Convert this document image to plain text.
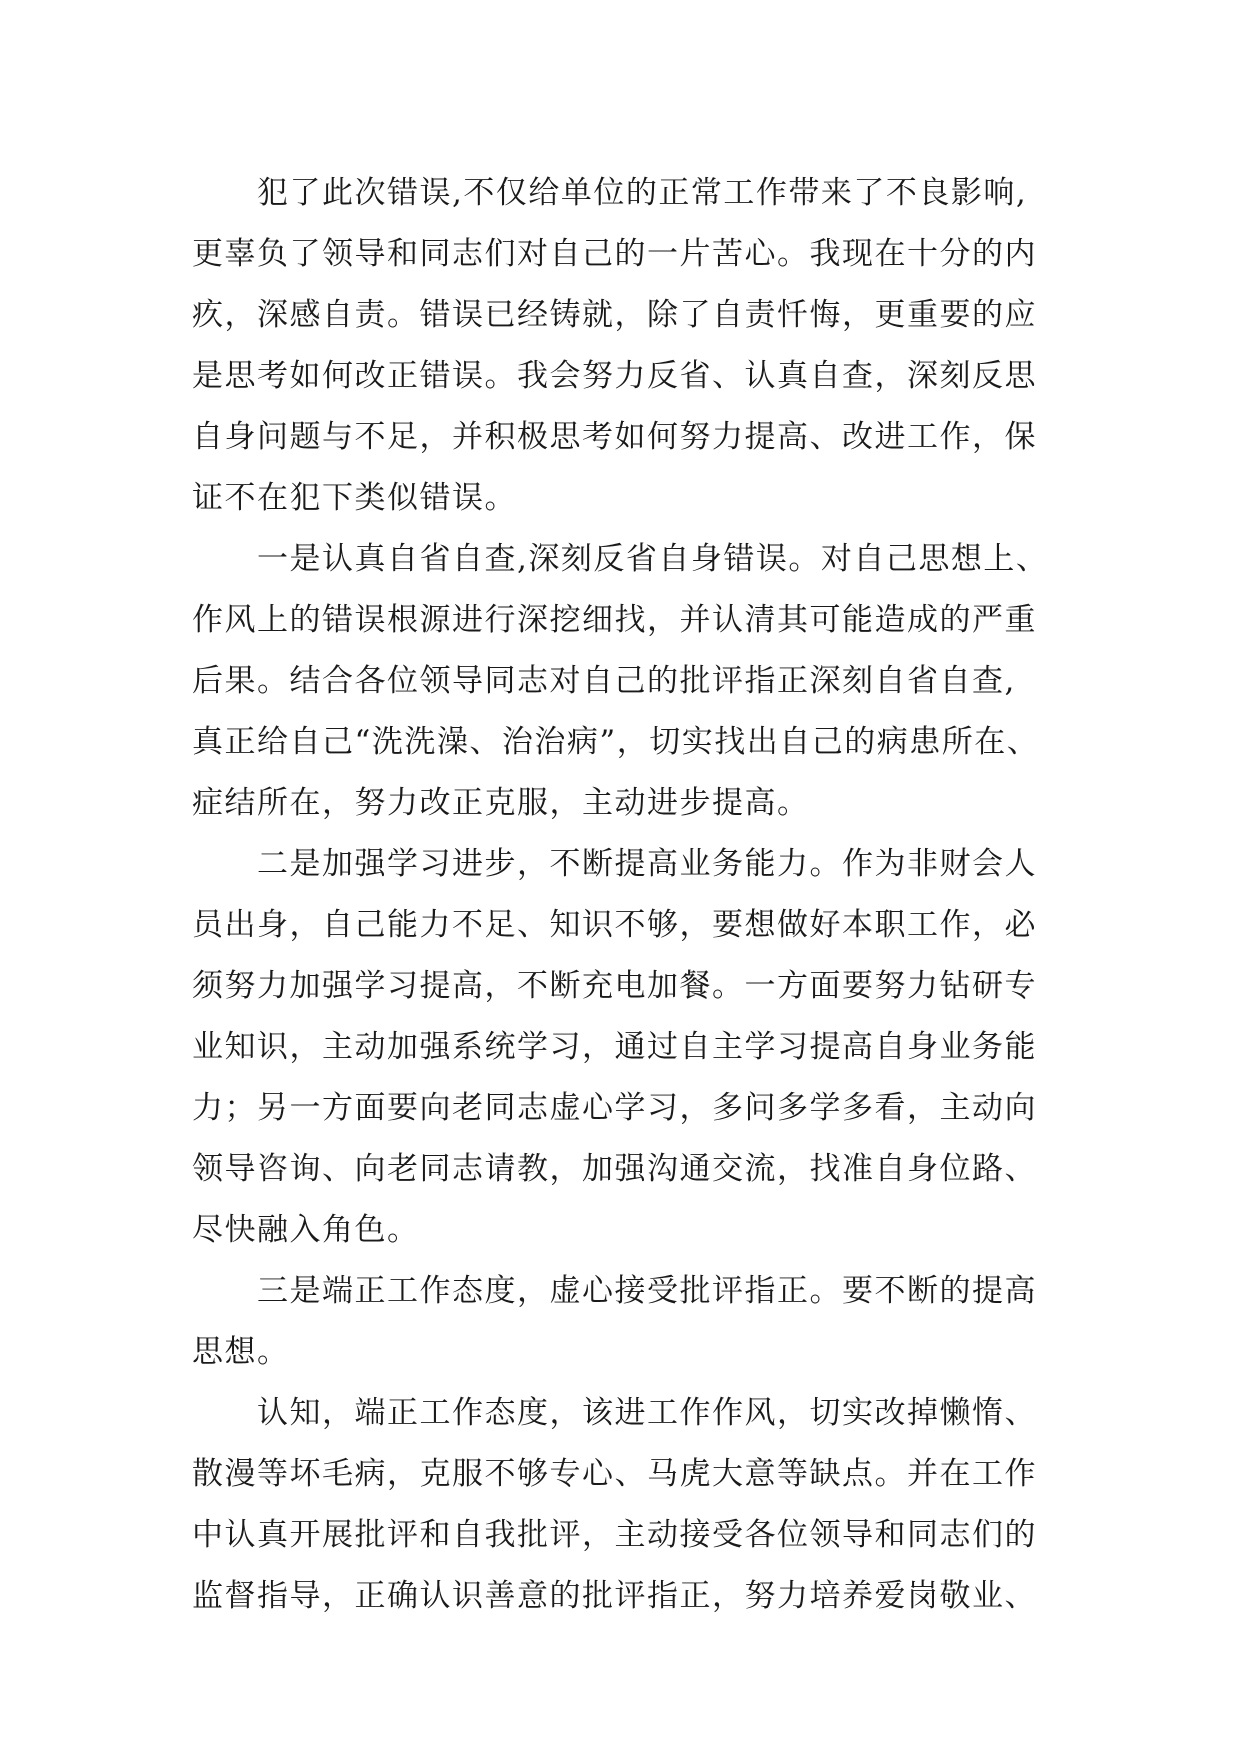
犯了此次错误,不仅给单位的正常工作带来了不良影响,
更辜负了领导和同志们对自己的一片苦心。我现在十分的内
疚，深感自责。错误已经铸就，除了自责忏悔，更重要的应
是思考如何改正错误。我会努力反省、认真自查，深刻反思
自身问题与不足，并积极思考如何努力提高、改进工作，保
证不在犯下类似错误。
一是认真自省自查,深刻反省自身错误。对自己思想上、
作风上的错误根源进行深挖细找，并认清其可能造成的严重
后果。结合各位领导同志对自己的批评指正深刻自省自查,
真正给自己“洗洗澡、治治病”，切实找出自己的病患所在、
症结所在，努力改正克服，主动进步提高。
二是加强学习进步，不断提高业务能力。作为非财会人
员出身，自己能力不足、知识不够，要想做好本职工作，必
须努力加强学习提高，不断充电加餐。一方面要努力钻研专
业知识，主动加强系统学习，通过自主学习提高自身业务能
力；另一方面要向老同志虚心学习，多问多学多看，主动向
领导咨询、向老同志请教，加强沟通交流，找准自身位路、
尽快融入角色。
三是端正工作态度，虚心接受批评指正。要不断的提高
思想。
认知，端正工作态度，该进工作作风，切实改掉懒惰、
散漫等坏毛病，克服不够专心、马虎大意等缺点。并在工作
中认真开展批评和自我批评，主动接受各位领导和同志们的
监督指导，正确认识善意的批评指正，努力培养爱岗敬业、
